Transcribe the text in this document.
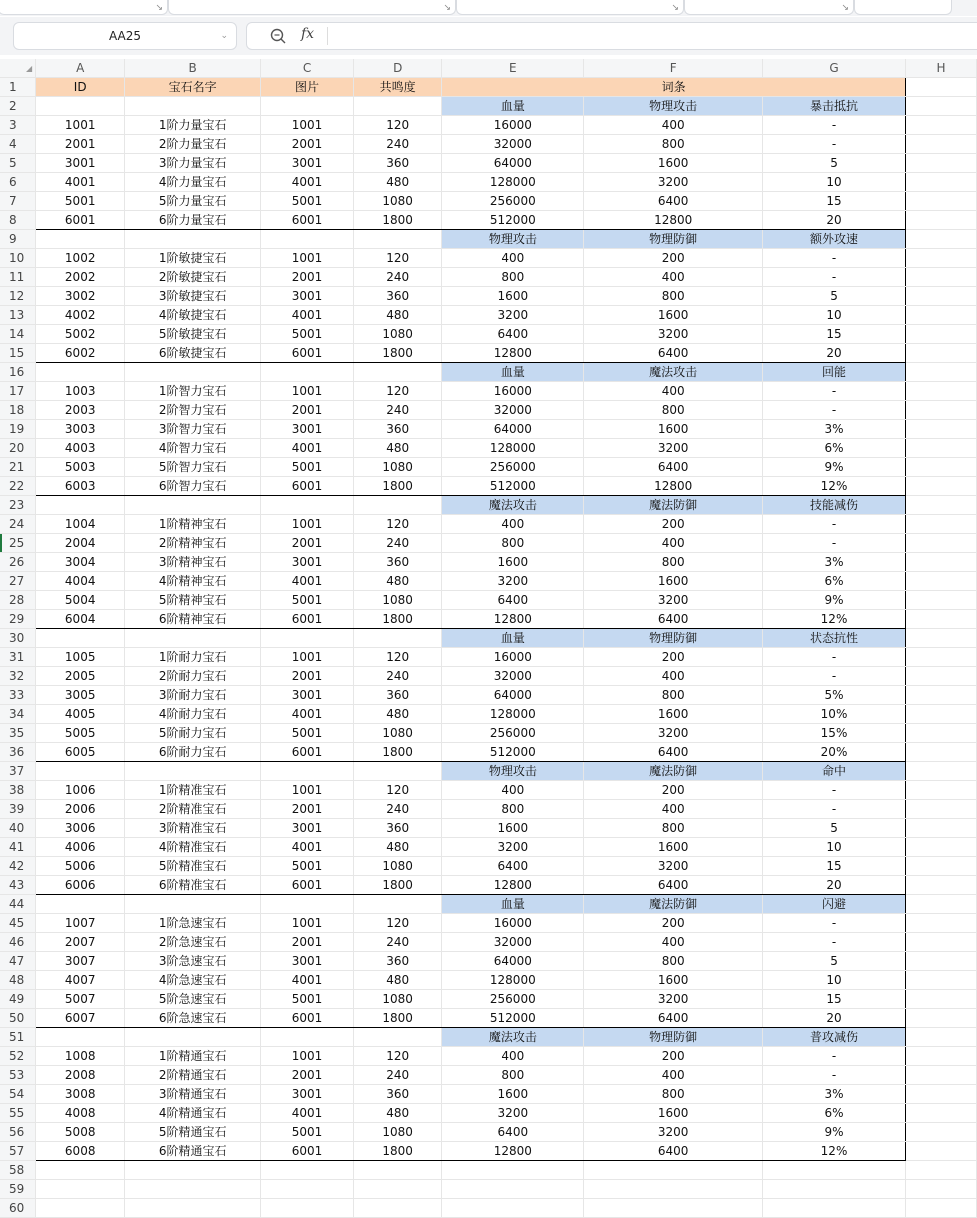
↘	↘	↘	↘
AA25	⌄	fx
◢	A	B	C	D	E	F	G	H
1	ID	宝石名字	图片	共鸣度	词条			
2					血量	物理攻击	暴击抵抗	
3	1001	1阶力量宝石	1001	120	16000	400	-	
4	2001	2阶力量宝石	2001	240	32000	800	-	
5	3001	3阶力量宝石	3001	360	64000	1600	5	
6	4001	4阶力量宝石	4001	480	128000	3200	10	
7	5001	5阶力量宝石	5001	1080	256000	6400	15	
8	6001	6阶力量宝石	6001	1800	512000	12800	20	
9					物理攻击	物理防御	额外攻速	
10	1002	1阶敏捷宝石	1001	120	400	200	-	
11	2002	2阶敏捷宝石	2001	240	800	400	-	
12	3002	3阶敏捷宝石	3001	360	1600	800	5	
13	4002	4阶敏捷宝石	4001	480	3200	1600	10	
14	5002	5阶敏捷宝石	5001	1080	6400	3200	15	
15	6002	6阶敏捷宝石	6001	1800	12800	6400	20	
16					血量	魔法攻击	回能	
17	1003	1阶智力宝石	1001	120	16000	400	-	
18	2003	2阶智力宝石	2001	240	32000	800	-	
19	3003	3阶智力宝石	3001	360	64000	1600	3%	
20	4003	4阶智力宝石	4001	480	128000	3200	6%	
21	5003	5阶智力宝石	5001	1080	256000	6400	9%	
22	6003	6阶智力宝石	6001	1800	512000	12800	12%	
23					魔法攻击	魔法防御	技能减伤	
24	1004	1阶精神宝石	1001	120	400	200	-	
25	2004	2阶精神宝石	2001	240	800	400	-	
26	3004	3阶精神宝石	3001	360	1600	800	3%	
27	4004	4阶精神宝石	4001	480	3200	1600	6%	
28	5004	5阶精神宝石	5001	1080	6400	3200	9%	
29	6004	6阶精神宝石	6001	1800	12800	6400	12%	
30					血量	物理防御	状态抗性	
31	1005	1阶耐力宝石	1001	120	16000	200	-	
32	2005	2阶耐力宝石	2001	240	32000	400	-	
33	3005	3阶耐力宝石	3001	360	64000	800	5%	
34	4005	4阶耐力宝石	4001	480	128000	1600	10%	
35	5005	5阶耐力宝石	5001	1080	256000	3200	15%	
36	6005	6阶耐力宝石	6001	1800	512000	6400	20%	
37					物理攻击	魔法防御	命中	
38	1006	1阶精准宝石	1001	120	400	200	-	
39	2006	2阶精准宝石	2001	240	800	400	-	
40	3006	3阶精准宝石	3001	360	1600	800	5	
41	4006	4阶精准宝石	4001	480	3200	1600	10	
42	5006	5阶精准宝石	5001	1080	6400	3200	15	
43	6006	6阶精准宝石	6001	1800	12800	6400	20	
44					血量	魔法防御	闪避	
45	1007	1阶急速宝石	1001	120	16000	200	-	
46	2007	2阶急速宝石	2001	240	32000	400	-	
47	3007	3阶急速宝石	3001	360	64000	800	5	
48	4007	4阶急速宝石	4001	480	128000	1600	10	
49	5007	5阶急速宝石	5001	1080	256000	3200	15	
50	6007	6阶急速宝石	6001	1800	512000	6400	20	
51					魔法攻击	物理防御	普攻减伤	
52	1008	1阶精通宝石	1001	120	400	200	-	
53	2008	2阶精通宝石	2001	240	800	400	-	
54	3008	3阶精通宝石	3001	360	1600	800	3%	
55	4008	4阶精通宝石	4001	480	3200	1600	6%	
56	5008	5阶精通宝石	5001	1080	6400	3200	9%	
57	6008	6阶精通宝石	6001	1800	12800	6400	12%	
58								
59								
60								
